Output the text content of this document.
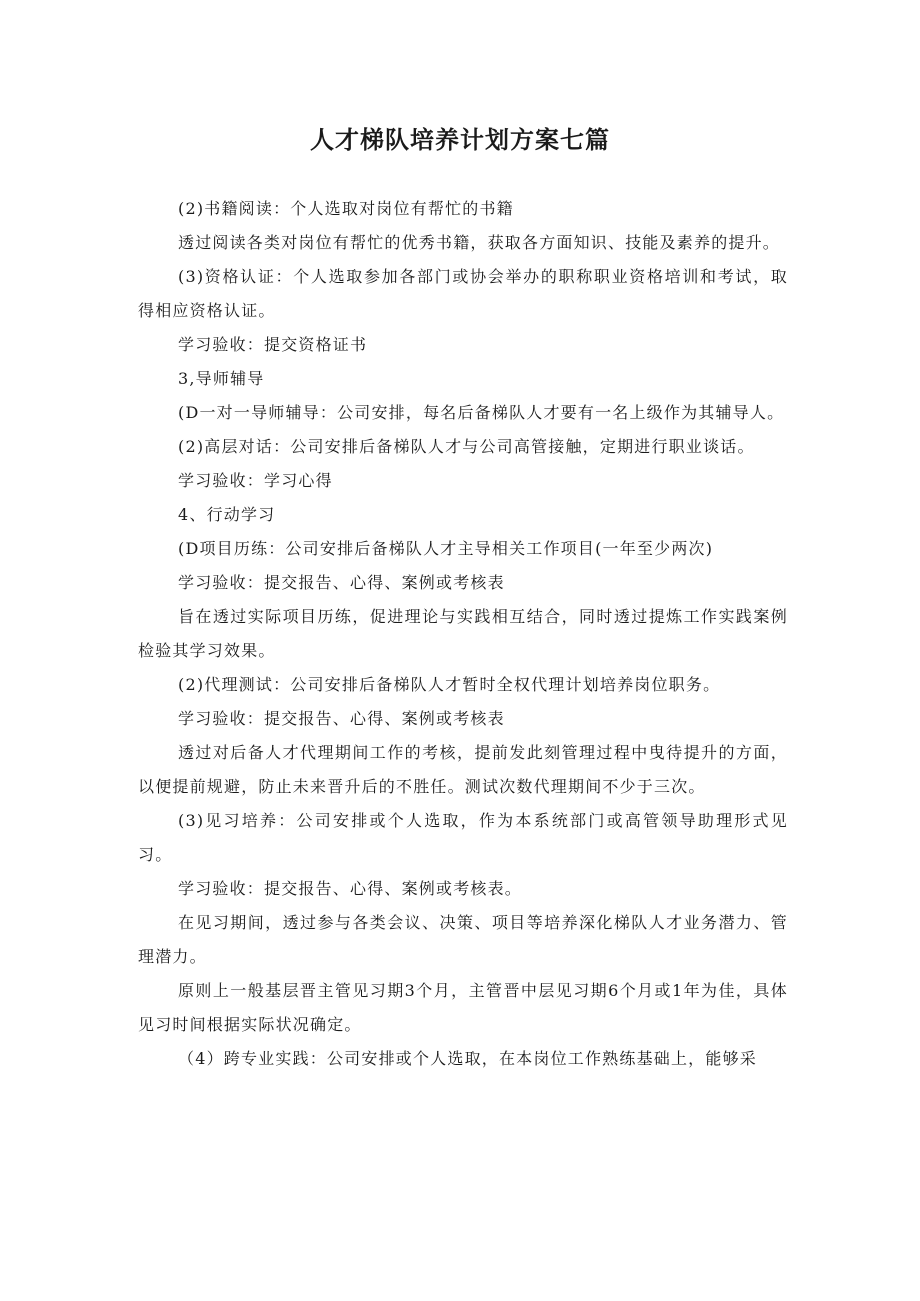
人才梯队培养计划方案七篇

(2)书籍阅读：个人选取对岗位有帮忙的书籍

透过阅读各类对岗位有帮忙的优秀书籍，获取各方面知识、技能及素养的提升。

(3)资格认证：个人选取参加各部门或协会举办的职称职业资格培训和考试，取得相应资格认证。

学习验收：提交资格证书

3,导师辅导

(D一对一导师辅导：公司安排，每名后备梯队人才要有一名上级作为其辅导人。

(2)高层对话：公司安排后备梯队人才与公司高管接触，定期进行职业谈话。

学习验收：学习心得

4、行动学习

(D项目历练：公司安排后备梯队人才主导相关工作项目(一年至少两次)

学习验收：提交报告、心得、案例或考核表

旨在透过实际项目历练，促进理论与实践相互结合，同时透过提炼工作实践案例检验其学习效果。

(2)代理测试：公司安排后备梯队人才暂时全权代理计划培养岗位职务。

学习验收：提交报告、心得、案例或考核表

透过对后备人才代理期间工作的考核，提前发此刻管理过程中曳待提升的方面，以便提前规避，防止未来晋升后的不胜任。测试次数代理期间不少于三次。

(3)见习培养：公司安排或个人选取，作为本系统部门或高管领导助理形式见习。

学习验收：提交报告、心得、案例或考核表。

在见习期间，透过参与各类会议、决策、项目等培养深化梯队人才业务潜力、管理潜力。

原则上一般基层晋主管见习期3个月，主管晋中层见习期6个月或1年为佳，具体见习时间根据实际状况确定。

（4）跨专业实践：公司安排或个人选取，在本岗位工作熟练基础上，能够采
